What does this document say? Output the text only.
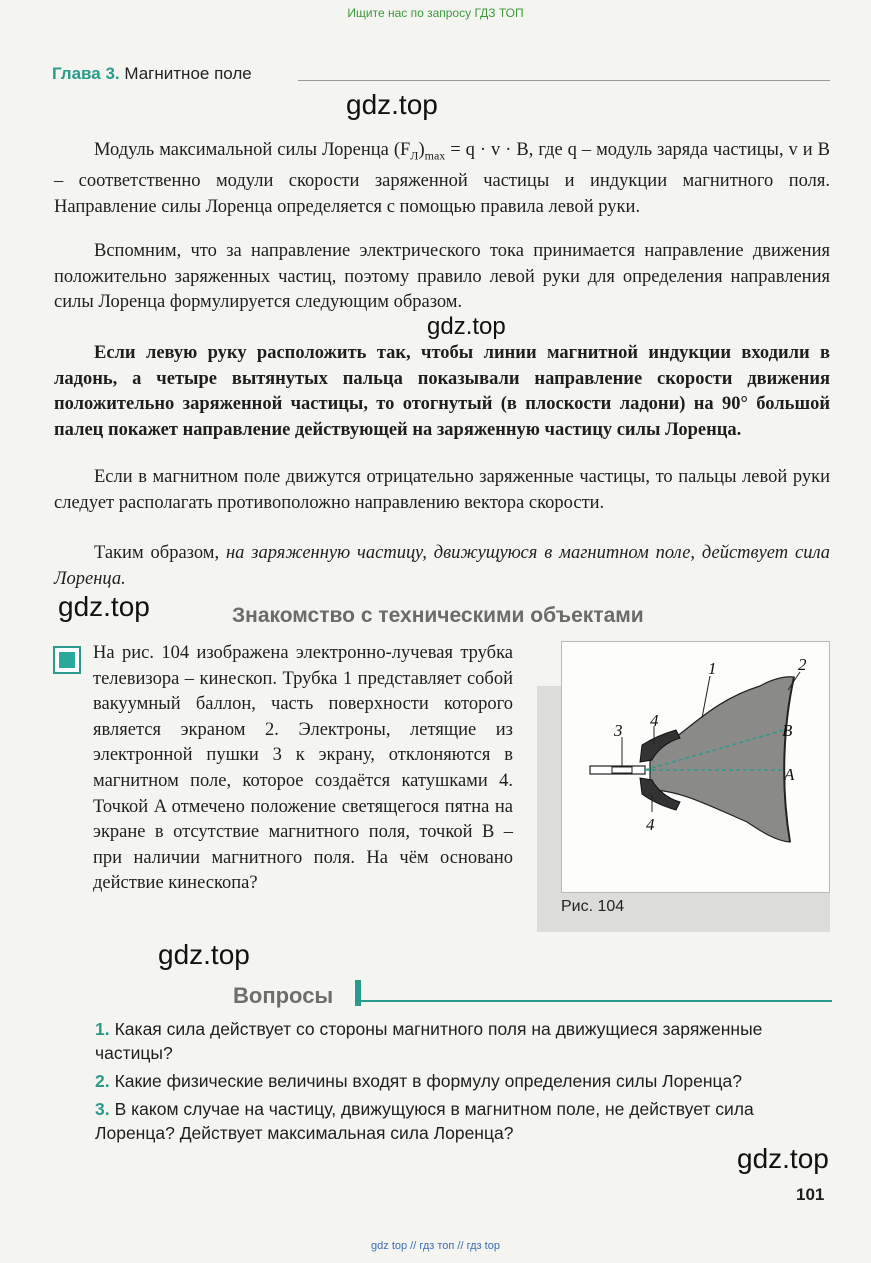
Ищите нас по запросу ГДЗ ТОП
Глава 3. Магнитное поле
gdz.top
gdz.top
gdz.top
gdz.top
gdz.top

Модуль максимальной силы Лоренца $(F_Л)_{max} = q \cdot v \cdot B$, где q – модуль заряда частицы, v и B – соответственно модули скорости заряженной частицы и индукции магнитного поля. Направление силы Лоренца определяется с помощью правила левой руки.

Вспомним, что за направление электрического тока принимается направление движения положительно заряженных частиц, поэтому правило левой руки для определения направления силы Лоренца формулируется следующим образом.

Если левую руку расположить так, чтобы линии магнитной индукции входили в ладонь, а четыре вытянутых пальца показывали направление скорости движения положительно заряженной частицы, то отогнутый (в плоскости ладони) на 90° большой палец покажет направление действующей на заряженную частицу силы Лоренца.

Если в магнитном поле движутся отрицательно заряженные частицы, то пальцы левой руки следует располагать противоположно направлению вектора скорости.

Таким образом, на заряженную частицу, движущуюся в магнитном поле, действует сила Лоренца.

Знакомство с техническими объектами

На рис. 104 изображена электронно-лучевая трубка телевизора – кинескоп. Трубка 1 представляет собой вакуумный баллон, часть поверхности которого является экраном 2. Электроны, летящие из электронной пушки 3 к экрану, отклоняются в магнитном поле, которое создаётся катушками 4. Точкой A отмечено положение светящегося пятна на экране в отсутствие магнитного поля, точкой B – при наличии магнитного поля. На чём основано действие кинескопа?

1	2
3
4
4
B
A
Рис. 104
Вопросы
1. Какая сила действует со стороны магнитного поля на движущиеся заряженные частицы?
2. Какие физические величины входят в формулу определения силы Лоренца?
3. В каком случае на частицу, движущуюся в магнитном поле, не действует сила Лоренца? Действует максимальная сила Лоренца?
101
gdz top // гдз топ // гдз top
